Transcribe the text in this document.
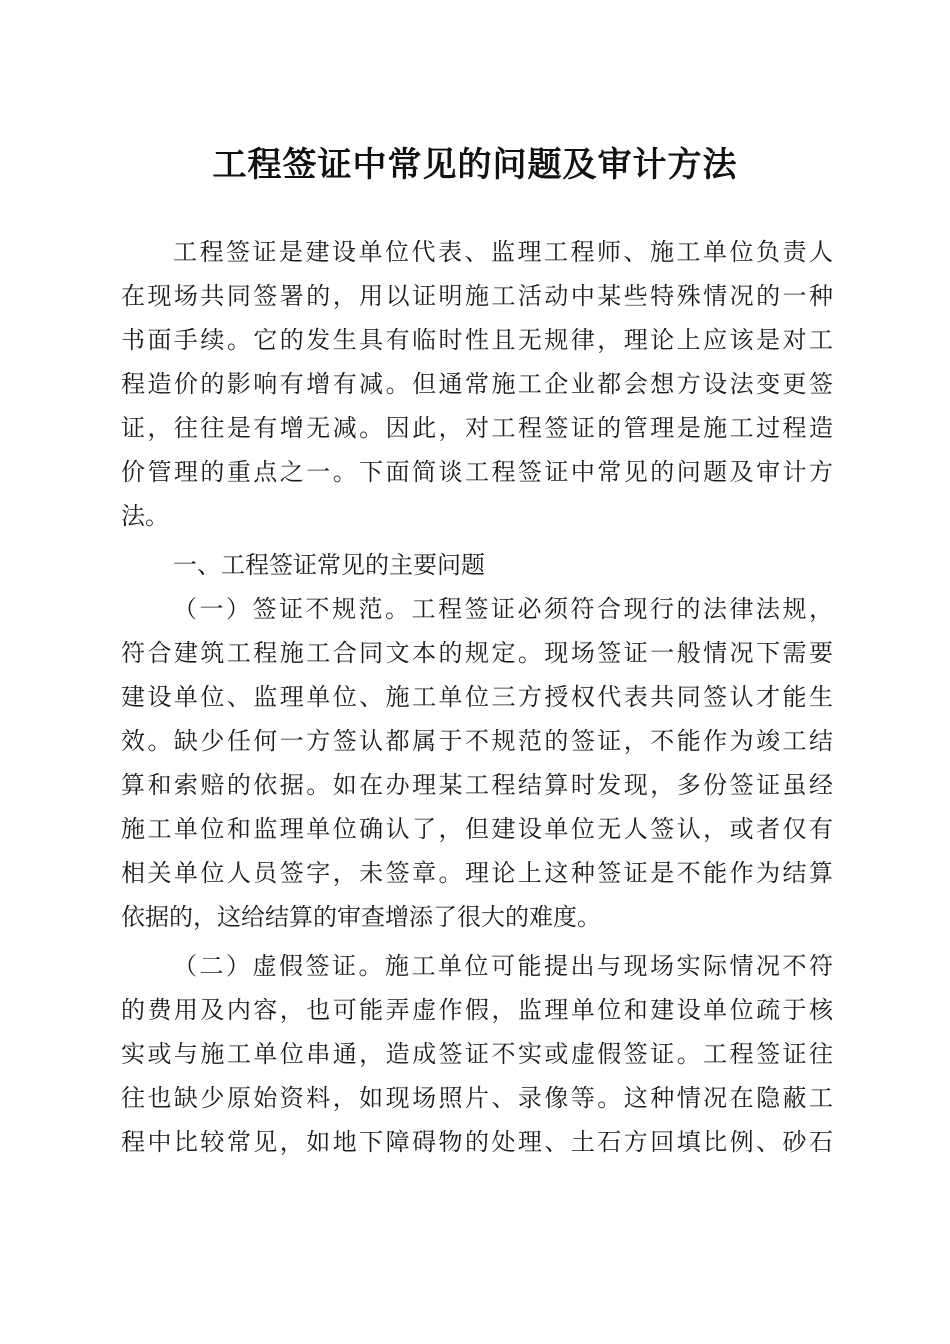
工程签证中常见的问题及审计方法
工程签证是建设单位代表、监理工程师、施工单位负责人
在现场共同签署的，用以证明施工活动中某些特殊情况的一种
书面手续。它的发生具有临时性且无规律，理论上应该是对工
程造价的影响有增有减。但通常施工企业都会想方设法变更签
证，往往是有增无减。因此，对工程签证的管理是施工过程造
价管理的重点之一。下面简谈工程签证中常见的问题及审计方
法。
一、工程签证常见的主要问题
（一）签证不规范。工程签证必须符合现行的法律法规，
符合建筑工程施工合同文本的规定。现场签证一般情况下需要
建设单位、监理单位、施工单位三方授权代表共同签认才能生
效。缺少任何一方签认都属于不规范的签证，不能作为竣工结
算和索赔的依据。如在办理某工程结算时发现，多份签证虽经
施工单位和监理单位确认了，但建设单位无人签认，或者仅有
相关单位人员签字，未签章。理论上这种签证是不能作为结算
依据的，这给结算的审查增添了很大的难度。
（二）虚假签证。施工单位可能提出与现场实际情况不符
的费用及内容，也可能弄虚作假，监理单位和建设单位疏于核
实或与施工单位串通，造成签证不实或虚假签证。工程签证往
往也缺少原始资料，如现场照片、录像等。这种情况在隐蔽工
程中比较常见，如地下障碍物的处理、土石方回填比例、砂石
